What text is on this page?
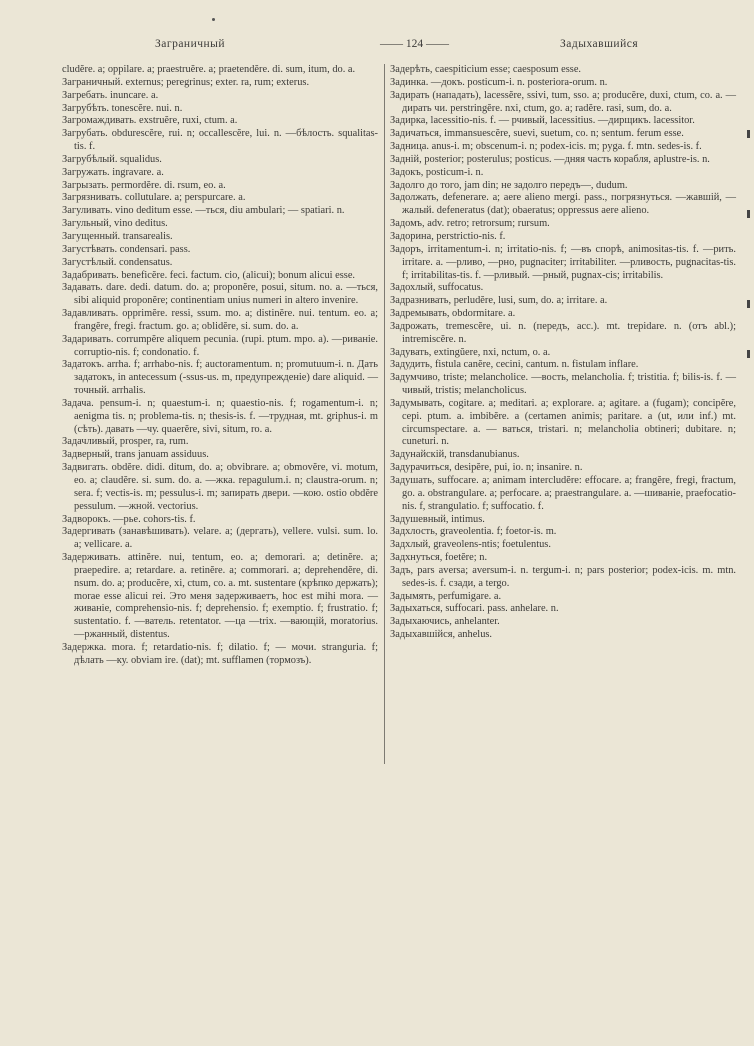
Заграничный	—— 124 ——	Задыхавшийся

cludĕre. a; oppilare. a; praestruĕre. a; praetendĕre. di. sum, itum, do. a.

Заграничный. externus; peregrinus; exter. ra, rum; exterus.

Загребать. inuncare. a.

Загрубѣть. tonescĕre. nui. n.

Загромаждивать. exstruĕre, ruxi, ctum. a.

Загрубать. obdurescĕre, rui. n; occallescĕre, lui. n. —бѣлость. squalitas-tis. f.

Загрубѣлый. squalidus.

Загружать. ingravare. a.

Загрызать. permordĕre. di. rsum, eo. a.

Загрязнивать. collutulare. a; perspurcare. a.

Загуливать. vino deditum esse. —ться, diu ambulari; — spatiari. n.

Загульный, vino deditus.

Загущенный. transarealis.

Загустѣвать. condensari. pass.

Загустѣлый. condensatus.

Задабривать. beneficĕre. feci. factum. cio, (alicui); bonum alicui esse.

Задавать. dare. dedi. datum. do. a; proponĕre, posui, situm. no. a. —ться, sibi aliquid proponĕre; continentiam unius numeri in altero invenire.

Задавливать. opprimĕre. ressi, ssum. mo. a; distinĕre. nui. tentum. eo. a; frangĕre, fregi. fractum. go. a; oblidĕre, si. sum. do. a.

Задаривать. corrumpĕre aliquem pecunia. (rupi. ptum. mpo. a). —риванie. corruptio-nis. f; condonatio. f.

Задатокъ. arrha. f; arrhabo-nis. f; auctoramentum. n; promutuum-i. n. Дать задатокъ, in antecessum (-ssus-us. m, предупрежденie) dare aliquid. —точный. arrhalis.

Задача. pensum-i. n; quaestum-i. n; quaestio-nis. f; rogamentum-i. n; aenigma tis. n; problema-tis. n; thesis-is. f. —трудная, mt. griphus-i. m (сѣть). давать —чу. quaerĕre, sivi, situm, ro. a.

Задачливый, prosper, ra, rum.

Задверный, trans januam assiduus.

Задвигать. obdĕre. didi. ditum, do. a; obvibrare. a; obmovĕre, vi. motum, eo. a; claudĕre. si. sum. do. a. —жка. repagulum.i. n; claustra-orum. n; sera. f; vectis-is. m; pessulus-i. m; запирать двери. —кою. ostio obdĕre pessulum. —жной. vectorius.

Задворокъ. —рье. cohors-tis. f.

Задергивать (занавѣшивать). velare. a; (дергать), vellere. vulsi. sum. lo. a; vellicare. a.

Задерживать. attinĕre. nui, tentum, eo. a; demorari. a; detinĕre. a; praepedire. a; retardare. a. retinĕre. a; commorari. a; deprehendĕre, di. nsum. do. a; producĕre, xi, ctum, co. a. mt. sustentare (крѣпко держать); morae esse alicui rei. Это меня задерживаетъ, hoc est mihi mora. —живанie, comprehensio-nis. f; deprehensio. f; exemptio. f; frustratio. f; sustentatio. f. —ватель. retentator. —ца —trix. —вающiй, moratorius. —ржанный, distentus.

Задержка. mora. f; retardatio-nis. f; dilatio. f; — мочи. stranguria. f; дѣлать —ку. obviam ire. (dat); mt. sufflamen (тормозъ).

Задерѣть, caespiticium esse; caesposum esse.

Задинка. —докъ. posticum-i. n. posteriora-orum. n.

Задирать (нападать), lacessĕre, ssivi, tum, sso. a; producĕre, duxi, ctum, co. a. —дирать чи. perstringĕre. nxi, ctum, go. a; radĕre. rasi, sum, do. a.

Задирка, lacessitio-nis. f. — рчивый, lacessitius. —дирщикъ. lacessitor.

Задичаться, immansuescĕre, suevi, suetum, co. n; sentum. ferum esse.

Задница. anus-i. m; obscenum-i. n; podex-icis. m; pyga. f. mtn. sedes-is. f.

Заднiй, posterior; posterulus; posticus. —дняя часть корабля, aplustre-is. n.

Задокъ, posticum-i. n.

Задолго до того, jam din; не задолго передъ—, dudum.

Задолжать, defenerare. a; aere alieno mergi. pass., погрязнуться. —жавшiй, —жалый. defeneratus (dat); obaeratus; oppressus aere alieno.

Задомъ, adv. retro; retrorsum; rursum.

Задорина, perstrictio-nis. f.

Задоръ, irritamentum-i. n; irritatio-nis. f; —въ спорѣ, animositas-tis. f. —рить. irritare. a. —рливо, —рно, pugnaciter; irritabiliter. —рливость, pugnacitas-tis. f; irritabilitas-tis. f. —рливый. —рный, pugnax-cis; irritabilis.

Задохлый, suffocatus.

Задразнивать, perludĕre, lusi, sum, do. a; irritare. a.

Задремывать, obdormitare. a.

Задрожать, tremescĕre, ui. n. (передъ, acc.). mt. trepidare. n. (отъ abl.); intremiscĕre. n.

Задувать, extingŭere, nxi, nctum, o. a.

Задудить, fistula canĕre, cecini, cantum. n. fistulam inflare.

Задумчиво, triste; melancholice. —вость, melancholia. f; tristitia. f; bilis-is. f. —чивый, tristis; melancholicus.

Задумывать, cogitare. a; meditari. a; explorare. a; agitare. a (fugam); concipĕre, cepi. ptum. a. imbibĕre. a (certamen animis; paritare. a (ut, или inf.) mt. circumspectare. a. — ваться, tristari. n; melancholia obtineri; dubitare. n; cuneturi. n.

Задунайскiй, transdanubianus.

Задурачиться, desipĕre, pui, io. n; insanire. n.

Задушать, suffocare. a; animam intercludĕre: effocare. a; frangĕre, fregi, fractum, go. a. obstrangulare. a; perfocare. a; praestrangulare. a. —шиванie, praefocatio-nis. f, strangulatio. f; suffocatio. f.

Задушевный, intimus.

Задхлость, graveolentia. f; foetor-is. m.

Задхлый, graveolens-ntis; foetulentus.

Задхнуться, foetĕre; n.

Задъ, pars aversa; aversum-i. n. tergum-i. n; pars posterior; podex-icis. m. mtn. sedes-is. f. сзади, a tergo.

Задымять, perfumigare. a.

Задыхаться, suffocari. pass. anhelare. n.

Задыхаючись, anhelanter.

Задыхавшiйся, anhelus.
